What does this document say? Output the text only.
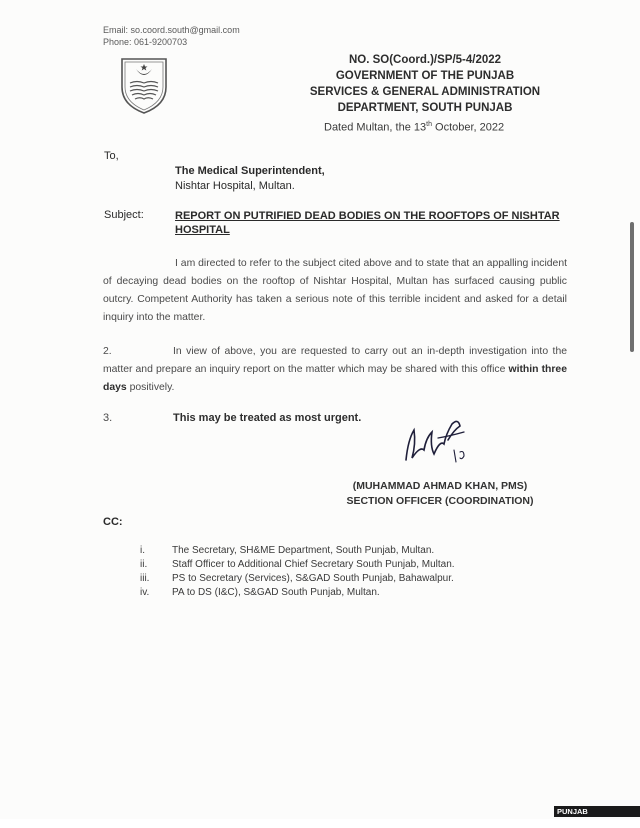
Email: so.coord.south@gmail.com
Phone: 061-9200703
NO. SO(Coord.)/SP/5-4/2022
GOVERNMENT OF THE PUNJAB
SERVICES & GENERAL ADMINISTRATION
DEPARTMENT, SOUTH PUNJAB
Dated Multan, the 13th October, 2022
To,
The Medical Superintendent,
Nishtar Hospital, Multan.
Subject:	REPORT ON PUTRIFIED DEAD BODIES ON THE ROOFTOPS OF NISHTAR HOSPITAL
I am directed to refer to the subject cited above and to state that an appalling incident of decaying dead bodies on the rooftop of Nishtar Hospital, Multan has surfaced causing public outcry. Competent Authority has taken a serious note of this terrible incident and asked for a detail inquiry into the matter.
2.	In view of above, you are requested to carry out an in-depth investigation into the matter and prepare an inquiry report on the matter which may be shared with this office within three days positively.
3.	This may be treated as most urgent.
(MUHAMMAD AHMAD KHAN, PMS)
SECTION OFFICER (COORDINATION)
CC:
i.	The Secretary, SH&ME Department, South Punjab, Multan.
ii. Staff Officer to Additional Chief Secretary South Punjab, Multan.
iii. PS to Secretary (Services), S&GAD South Punjab, Bahawalpur.
iv. PA to DS (I&C), S&GAD South Punjab, Multan.
PUNJAB GOVERNMENT
